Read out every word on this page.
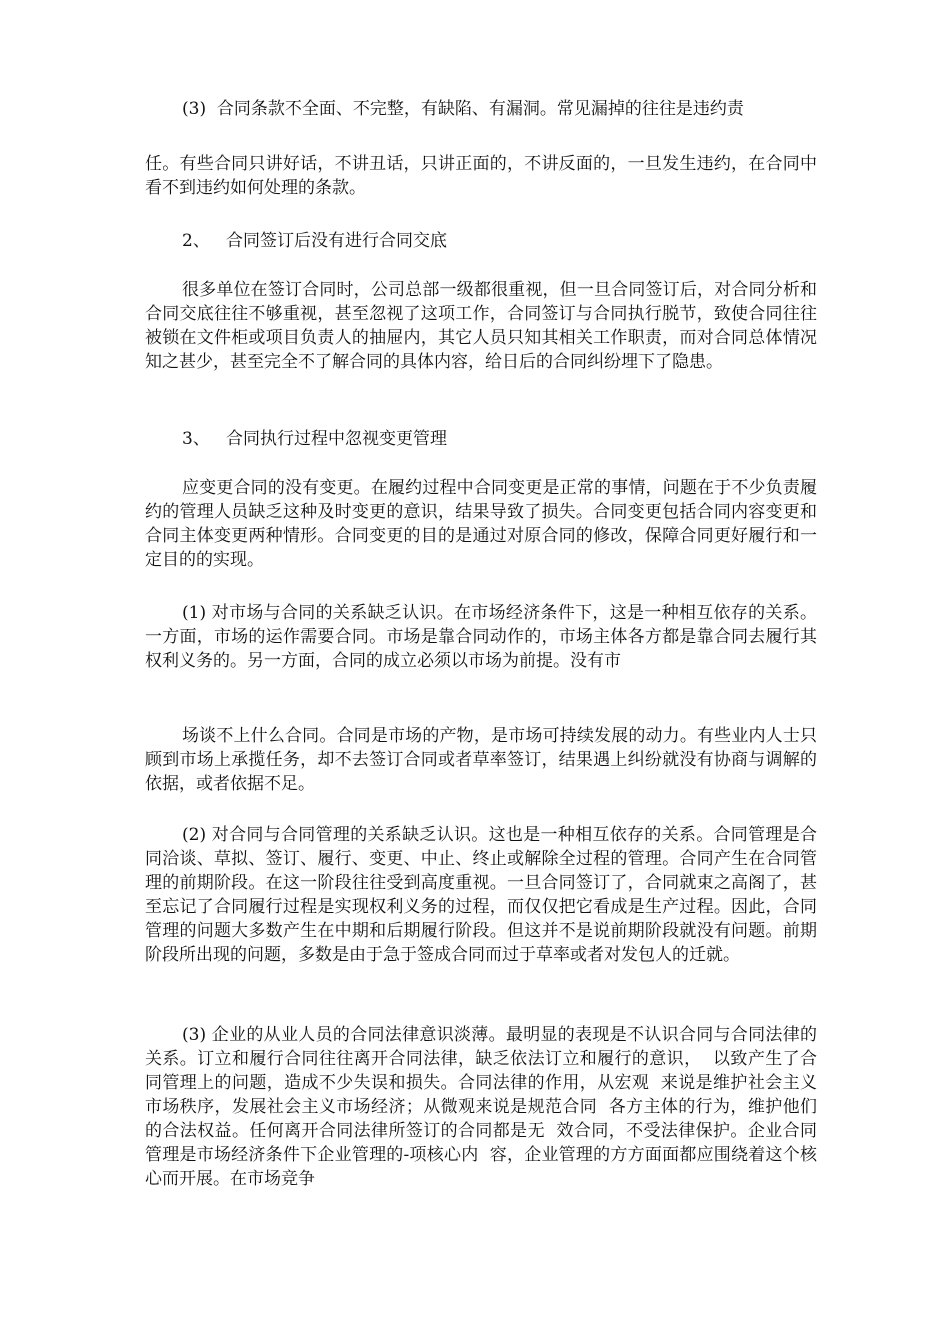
(3)  合同条款不全面、不完整，有缺陷、有漏洞。常见漏掉的往往是违约责

任。有些合同只讲好话，不讲丑话，只讲正面的，不讲反面的，一旦发生违约，在合同中看不到违约如何处理的条款。

2、   合同签订后没有进行合同交底

很多单位在签订合同时，公司总部一级都很重视，但一旦合同签订后，对合同分析和合同交底往往不够重视，甚至忽视了这项工作，合同签订与合同执行脱节，致使合同往往被锁在文件柜或项目负责人的抽屉内，其它人员只知其相关工作职责，而对合同总体情况知之甚少，甚至完全不了解合同的具体内容，给日后的合同纠纷埋下了隐患。

3、   合同执行过程中忽视变更管理

应变更合同的没有变更。在履约过程中合同变更是正常的事情，问题在于不少负责履约的管理人员缺乏这种及时变更的意识，结果导致了损失。合同变更包括合同内容变更和合同主体变更两种情形。合同变更的目的是通过对原合同的修改，保障合同更好履行和一定目的的实现。

(1) 对市场与合同的关系缺乏认识。在市场经济条件下，这是一种相互依存的关系。一方面，市场的运作需要合同。市场是靠合同动作的，市场主体各方都是靠合同去履行其权利义务的。另一方面，合同的成立必须以市场为前提。没有市

场谈不上什么合同。合同是市场的产物，是市场可持续发展的动力。有些业内人士只顾到市场上承揽任务，却不去签订合同或者草率签订，结果遇上纠纷就没有协商与调解的依据，或者依据不足。

(2) 对合同与合同管理的关系缺乏认识。这也是一种相互依存的关系。合同管理是合同洽谈、草拟、签订、履行、变更、中止、终止或解除全过程的管理。合同产生在合同管理的前期阶段。在这一阶段往往受到高度重视。一旦合同签订了，合同就束之高阁了，甚至忘记了合同履行过程是实现权利义务的过程，而仅仅把它看成是生产过程。因此，合同管理的问题大多数产生在中期和后期履行阶段。但这并不是说前期阶段就没有问题。前期阶段所出现的问题，多数是由于急于签成合同而过于草率或者对发包人的迁就。

(3) 企业的从业人员的合同法律意识淡薄。最明显的表现是不认识合同与合同法律的关系。订立和履行合同往往离开合同法律，缺乏依法订立和履行的意识，  以致产生了合同管理上的问题，造成不少失误和损失。合同法律的作用，从宏观  来说是维护社会主义市场秩序，发展社会主义市场经济；从微观来说是规范合同  各方主体的行为，维护他们的合法权益。任何离开合同法律所签订的合同都是无  效合同，不受法律保护。企业合同管理是市场经济条件下企业管理的-项核心内  容，企业管理的方方面面都应围绕着这个核心而开展。在市场竞争
